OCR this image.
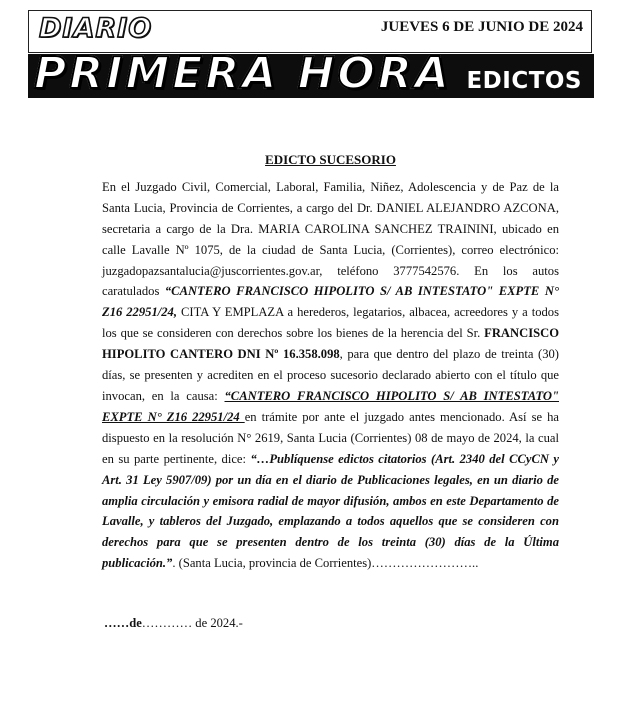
DIARIO	JUEVES 6 DE JUNIO DE 2024
PRIMERA HORA EDICTOS

EDICTO SUCESORIO

En el Juzgado Civil, Comercial, Laboral, Familia, Niñez, Adolescencia y de Paz de la Santa Lucia, Provincia de Corrientes, a cargo del Dr. DANIEL ALEJANDRO AZCONA, secretaria a cargo de la Dra. MARIA CAROLINA SANCHEZ TRAININI, ubicado en calle Lavalle Nº 1075, de la ciudad de Santa Lucia, (Corrientes), correo electrónico: juzgadopazsantalucia@juscorrientes.gov.ar, teléfono 3777542576. En los autos caratulados “CANTERO FRANCISCO HIPOLITO S/ AB INTESTATO" EXPTE N° Z16 22951/24, CITA Y EMPLAZA a herederos, legatarios, albacea, acreedores y a todos los que se consideren con derechos sobre los bienes de la herencia del Sr. FRANCISCO HIPOLITO CANTERO DNI Nº 16.358.098, para que dentro del plazo de treinta (30) días, se presenten y acrediten en el proceso sucesorio declarado abierto con el título que invocan, en la causa: “CANTERO FRANCISCO HIPOLITO S/ AB INTESTATO" EXPTE N° Z16 22951/24 en trámite por ante el juzgado antes mencionado. Así se ha dispuesto en la resolución N° 2619, Santa Lucia (Corrientes) 08 de mayo de 2024, la cual en su parte pertinente, dice: “…Publíquense edictos citatorios (Art. 2340 del CCyCN y Art. 31 Ley 5907/09) por un día en el diario de Publicaciones legales, en un diario de amplia circulación y emisora radial de mayor difusión, ambos en este Departamento de Lavalle, y tableros del Juzgado, emplazando a todos aquellos que se consideren con derechos para que se presenten dentro de los treinta (30) días de la Última publicación.”. (Santa Lucia, provincia de Corrientes)……………………..

……de………… de 2024.-
